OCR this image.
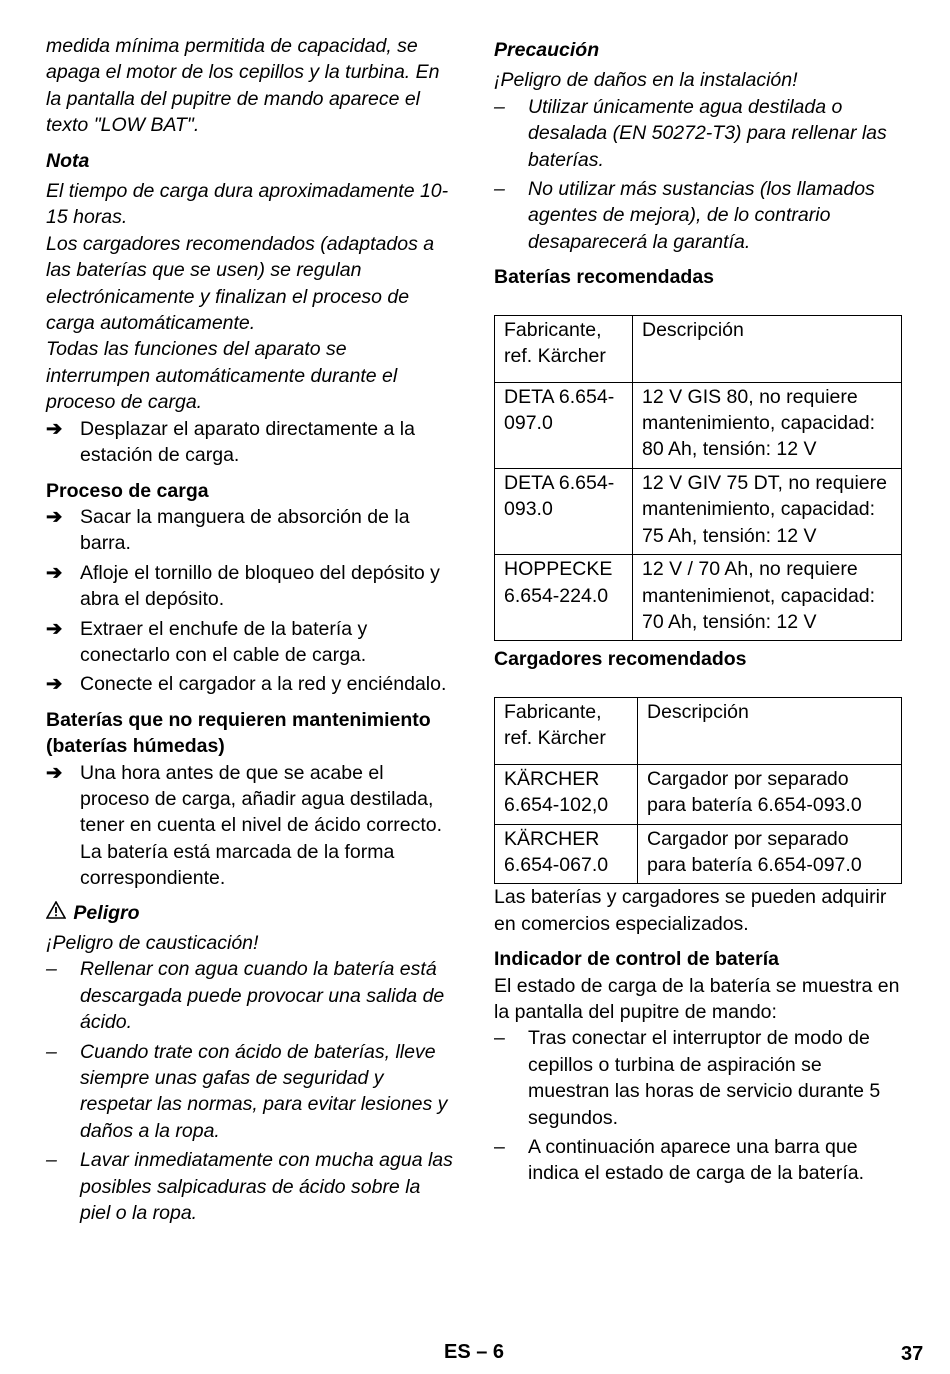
medida mínima permitida de capacidad, se apaga el motor de los cepillos y la turbina. En la pantalla del pupitre de mando aparece el texto "LOW BAT".

Nota

El tiempo de carga dura aproximadamente 10-15 horas.

Los cargadores recomendados (adaptados a las baterías que se usen) se regulan electrónicamente y finalizan el proceso de carga automáticamente.

Todas las funciones del aparato se interrumpen automáticamente durante el proceso de carga.

➔ Desplazar el aparato directamente a la estación de carga.

Proceso de carga

➔ Sacar la manguera de absorción de la barra.
➔ Afloje el tornillo de bloqueo del depósito y abra el depósito.
➔ Extraer el enchufe de la batería y conectarlo con el cable de carga.
➔ Conecte el cargador a la red y enciéndalo.

Baterías que no requieren mantenimiento (baterías húmedas)

➔ Una hora antes de que se acabe el proceso de carga, añadir agua destilada, tener en cuenta el nivel de ácido correcto. La batería está marcada de la forma correspondiente.

Peligro

¡Peligro de causticación!

–	Rellenar con agua cuando la batería está descargada puede provocar una salida de ácido.
–	Cuando trate con ácido de baterías, lleve siempre unas gafas de seguridad y respetar las normas, para evitar lesiones y daños a la ropa.
–	Lavar inmediatamente con mucha agua las posibles salpicaduras de ácido sobre la piel o la ropa.

Precaución

¡Peligro de daños en la instalación!

–	Utilizar únicamente agua destilada o desalada (EN 50272-T3) para rellenar las baterías.
–	No utilizar más sustancias (los llamados agentes de mejora), de lo contrario desaparecerá la garantía.

Baterías recomendadas

Fabricante, ref. Kärcher	Descripción
DETA 6.654-097.0	12 V GIS 80, no requiere mantenimiento, capacidad: 80 Ah, tensión: 12 V
DETA 6.654-093.0	12 V GIV 75 DT, no requiere mantenimiento, capacidad: 75 Ah, tensión: 12 V
HOPPECKE 6.654-224.0	12 V / 70 Ah, no requiere mantenimienot, capacidad: 70 Ah, tensión: 12 V

Cargadores recomendados

Fabricante, ref. Kärcher	Descripción
KÄRCHER 6.654-102,0	Cargador por separado para batería 6.654-093.0
KÄRCHER 6.654-067.0	Cargador por separado para batería 6.654-097.0

Las baterías y cargadores se pueden adquirir en comercios especializados.

Indicador de control de batería

El estado de carga de la batería se muestra en la pantalla del pupitre de mando:

–	Tras conectar el interruptor de modo de cepillos o turbina de aspiración se muestran las horas de servicio durante 5 segundos.
–	A continuación aparece una barra que indica el estado de carga de la batería.
ES – 6	37
